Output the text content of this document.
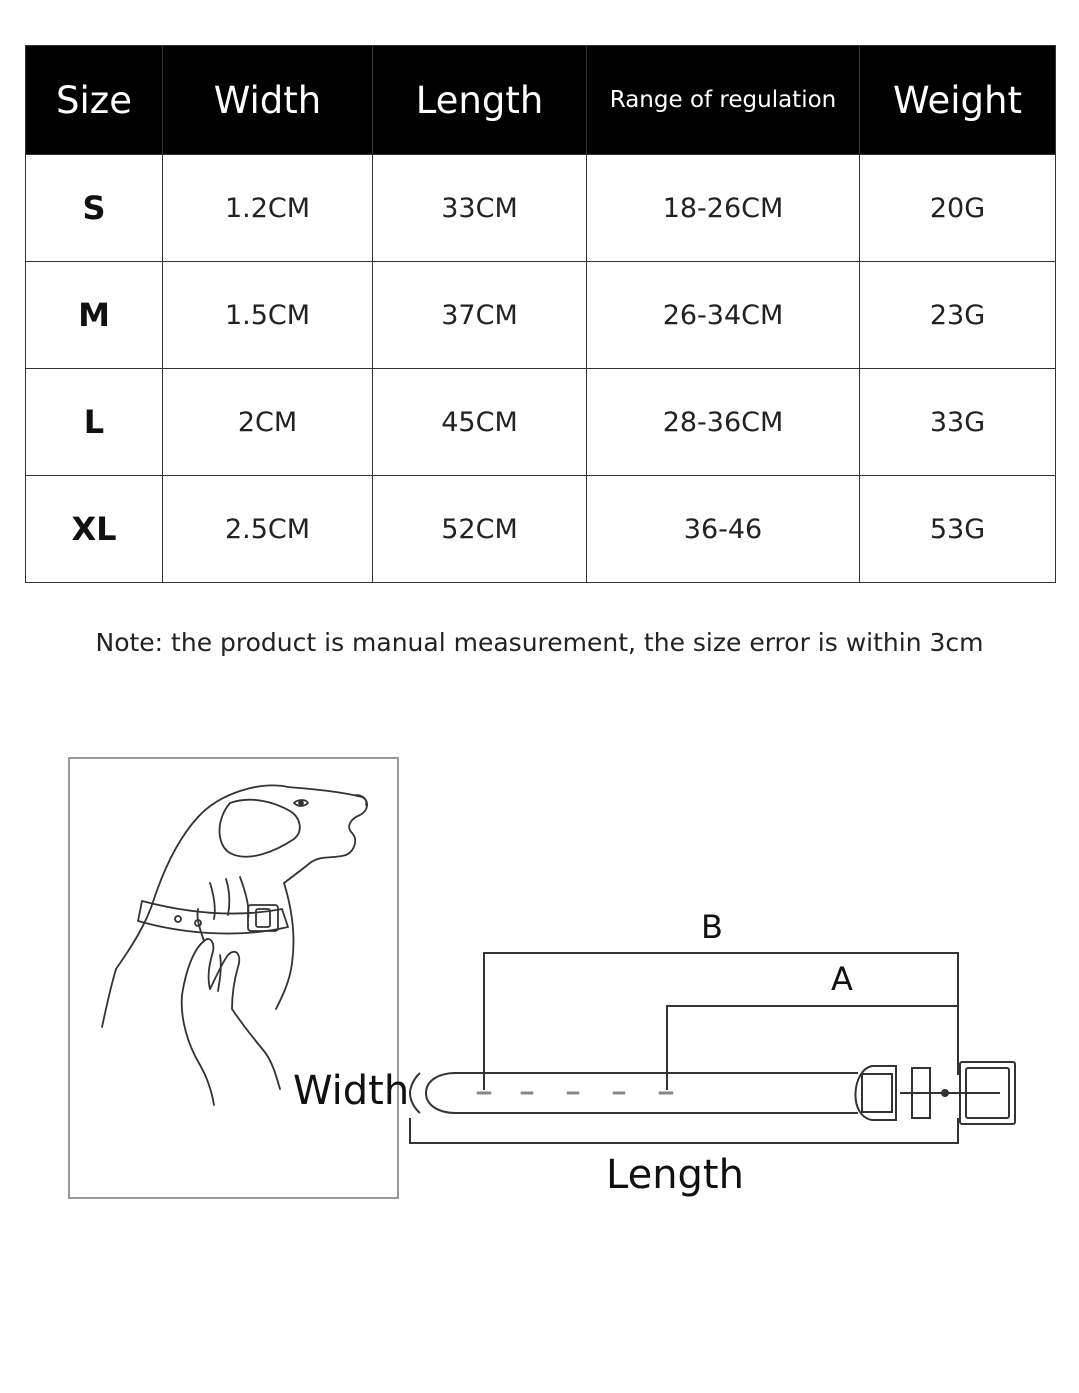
Size	Width	Length	Range of regulation	Weight
S	1.2CM	33CM	18-26CM	20G
M	1.5CM	37CM	26-34CM	23G
L	2CM	45CM	28-36CM	33G
XL	2.5CM	52CM	36-46	53G
Note: the product is manual measurement, the size error is within 3cm
Width
Length
B
A
